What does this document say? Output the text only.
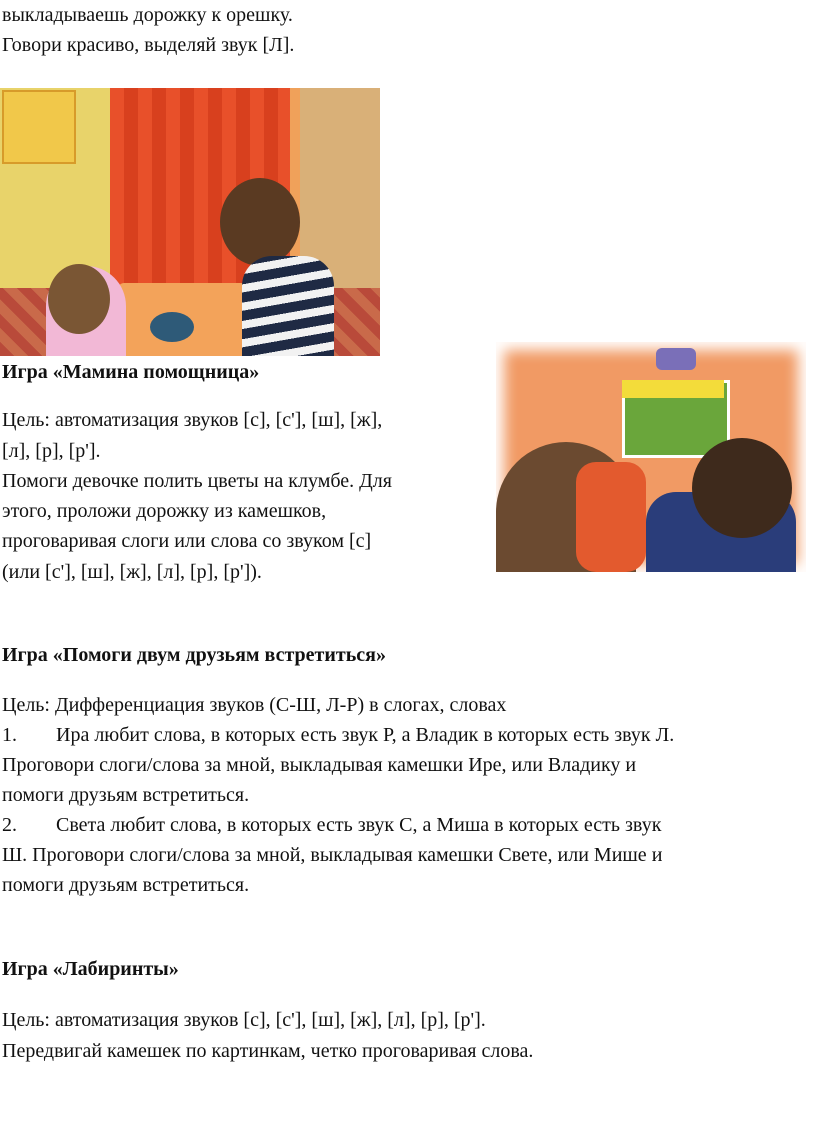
выкладываешь дорожку к орешку.
Говори красиво, выделяй звук [Л].
Игра «Мамина помощница»
Цель: автоматизация звуков [с], [с'], [ш], [ж],
[л], [р], [р'].
Помоги девочке полить цветы на клумбе. Для
этого, проложи дорожку из камешков,
проговаривая слоги или слова со звуком [с]
(или [с'], [ш], [ж], [л], [р], [р']).
Игра «Помоги двум друзьям встретиться»
Цель: Дифференциация звуков (С-Ш, Л-Р) в слогах, словах
1. Ира любит слова, в которых есть звук Р, а Владик в которых есть звук Л.
Проговори слоги/слова за мной, выкладывая камешки Ире, или Владику и
помоги друзьям встретиться.
2. Света любит слова, в которых есть звук С, а Миша в которых есть звук
Ш. Проговори слоги/слова за мной, выкладывая камешки Свете, или Мише и
помоги друзьям встретиться.
Игра «Лабиринты»
Цель: автоматизация звуков [с], [с'], [ш], [ж], [л], [р], [р'].
Передвигай камешек по картинкам, четко проговаривая слова.
